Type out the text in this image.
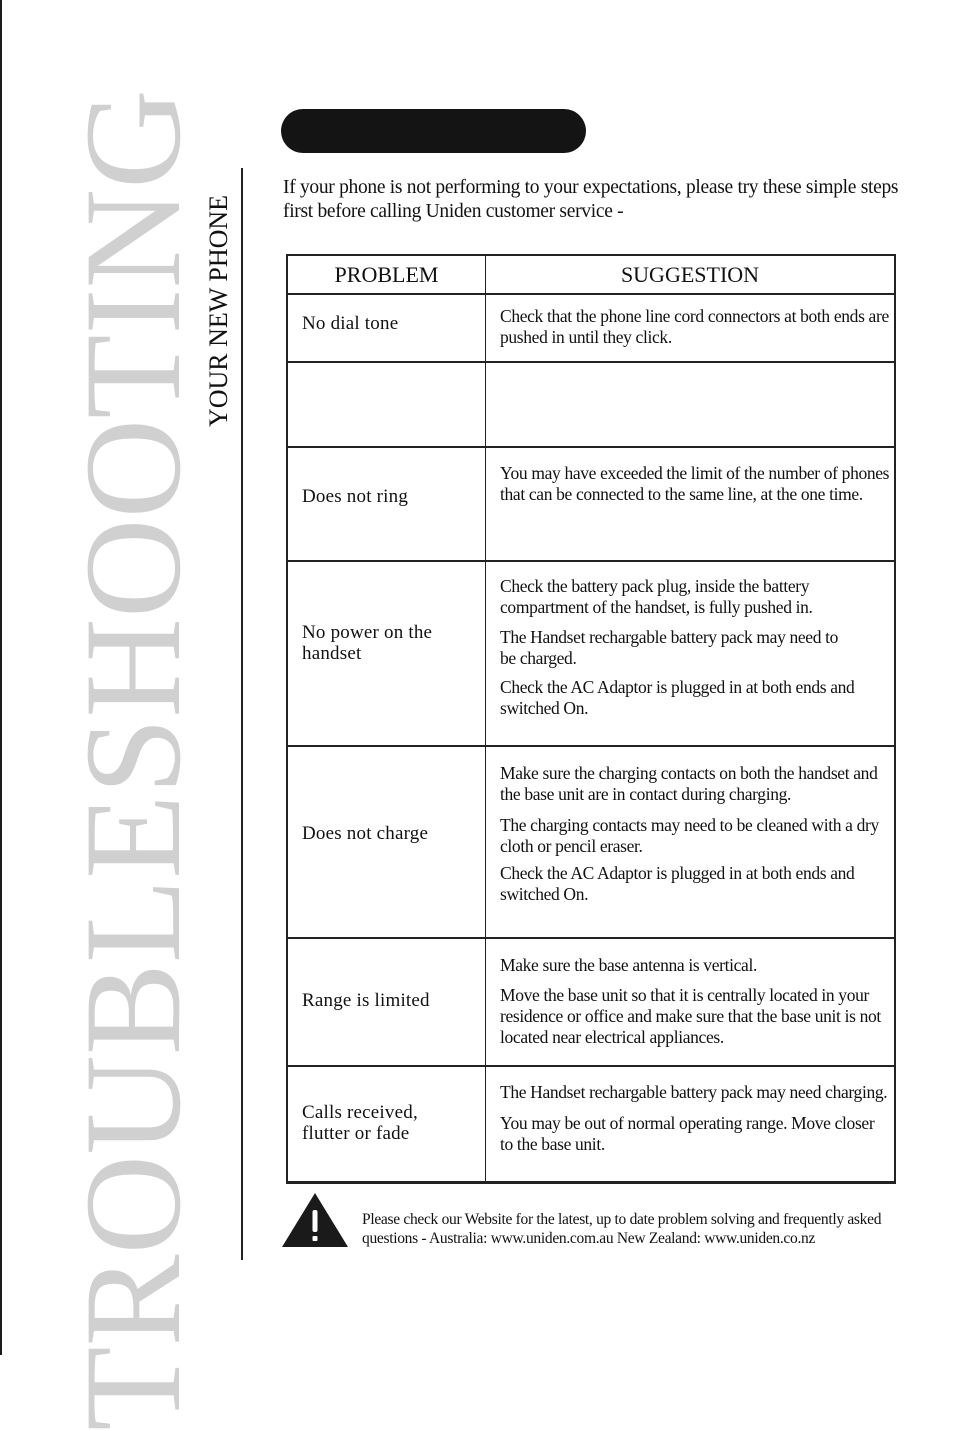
TROUBLESHOOTING
YOUR NEW PHONE

If your phone is not performing to your expectations, please try these simple steps first before calling Uniden customer service -

PROBLEM	SUGGESTION
No dial tone	Check that the phone line cord connectors at both ends are pushed in until they click.

Does not ring

You may have exceeded the limit of the number of phones that can be connected to the same line, at the one time.

No power on the handset

Check the battery pack plug, inside the battery compartment of the handset, is fully pushed in.

The Handset rechargable battery pack may need to be charged.

Check the AC Adaptor is plugged in at both ends and switched On.

Does not charge

Make sure the charging contacts on both the handset and the base unit are in contact during charging.

The charging contacts may need to be cleaned with a dry cloth or pencil eraser.

Check the AC Adaptor is plugged in at both ends and switched On.

Range is limited

Make sure the base antenna is vertical.

Move the base unit so that it is centrally located in your residence or office and make sure that the base unit is not located near electrical appliances.

Calls received, flutter or fade

The Handset rechargable battery pack may need charging.

You may be out of normal operating range. Move closer to the base unit.

Please check our Website for the latest, up to date problem solving and frequently asked questions - Australia: www.uniden.com.au New Zealand: www.uniden.co.nz
